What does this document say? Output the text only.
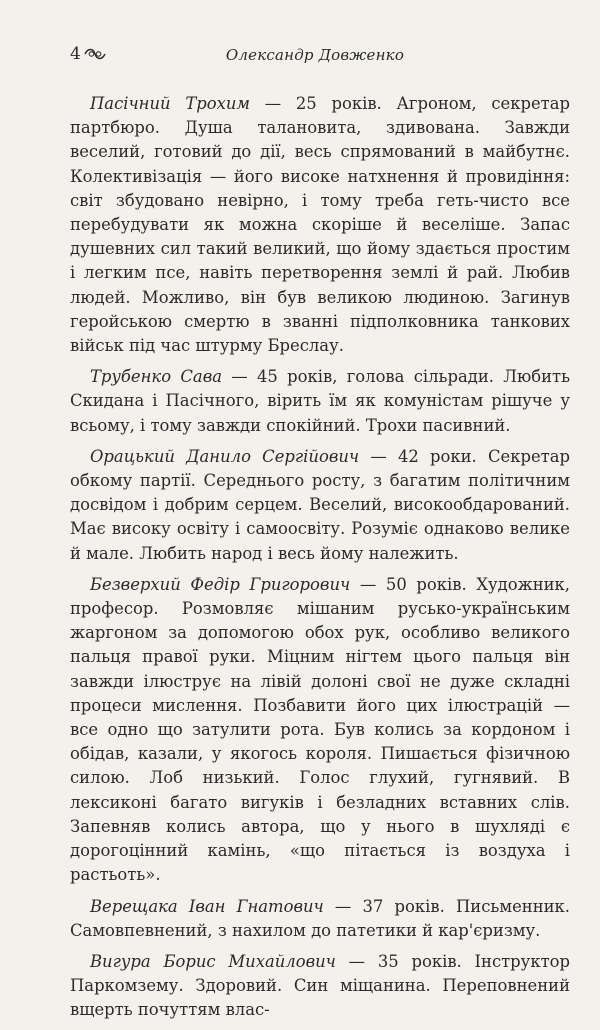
4	Олександр Довженко

Пасічний Трохим — 25 років. Агроном, секретар партбюро. Душа талановита, здивована. Завжди веселий, готовий до дії, весь спрямований в майбутнє. Колективізація — його високе натхнення й провидіння: світ збудовано невірно, і тому треба геть-чисто все перебудувати як можна скоріше й веселіше. Запас душевних сил такий великий, що йому здається простим і легким псе, навіть перетворення землі й рай. Любив людей. Можливо, він був великою людиною. Загинув геройською смертю в званні підполковника танкових військ під час штурму Бреслау.

Трубенко Сава — 45 років, голова сільради. Любить Скидана і Пасічного, вірить їм як комуністам рішуче у всьому, і тому завжди спокійний. Трохи пасивний.

Орацький Данило Сергійович — 42 роки. Секретар обкому партії. Середнього росту, з багатим політичним досвідом і добрим серцем. Веселий, високообдарований. Має високу освіту і самоосвіту. Розуміє однаково велике й мале. Любить народ і весь йому належить.

Безверхий Федір Григорович — 50 років. Художник, професор. Розмовляє мішаним русько-українським жаргоном за допомогою обох рук, особливо великого пальця правої руки. Міцним нігтем цього пальця він завжди ілюструє на лівій долоні свої не дуже складні процеси мислення. Позбавити його цих ілюстрацій — все одно що затулити рота. Був колись за кордоном і обідав, казали, у якогось короля. Пишається фізичною силою. Лоб низький. Голос глухий, гугнявий. В лексиконі багато вигуків і безладних вставних слів. Запевняв колись автора, що у нього в шухляді є дорогоцінний камінь, «що пітається із воздуха і растьоть».

Верещака Іван Гнатович — 37 років. Письменник. Самовпевнений, з нахилом до патетики й кар'єризму.

Вигура Борис Михайлович — 35 років. Інструктор Паркомзему. Здоровий. Син міщанина. Переповнений вщерть почуттям влас-
